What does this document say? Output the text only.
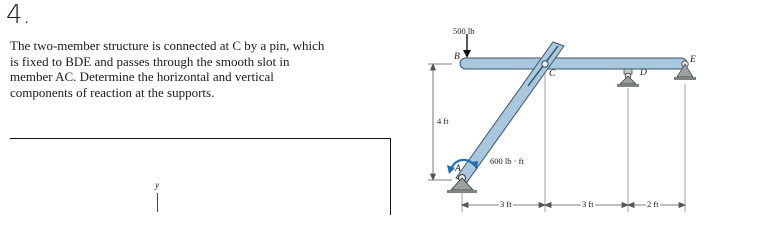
4.
The two-member structure is connected at C by a pin, which
is fixed to BDE and passes through the smooth slot in
member AC. Determine the horizontal and vertical
components of reaction at the supports.
y
500 lb
B
C	D
E
A
4 ft
600 lb · ft
3 ft	3 ft	2 ft
